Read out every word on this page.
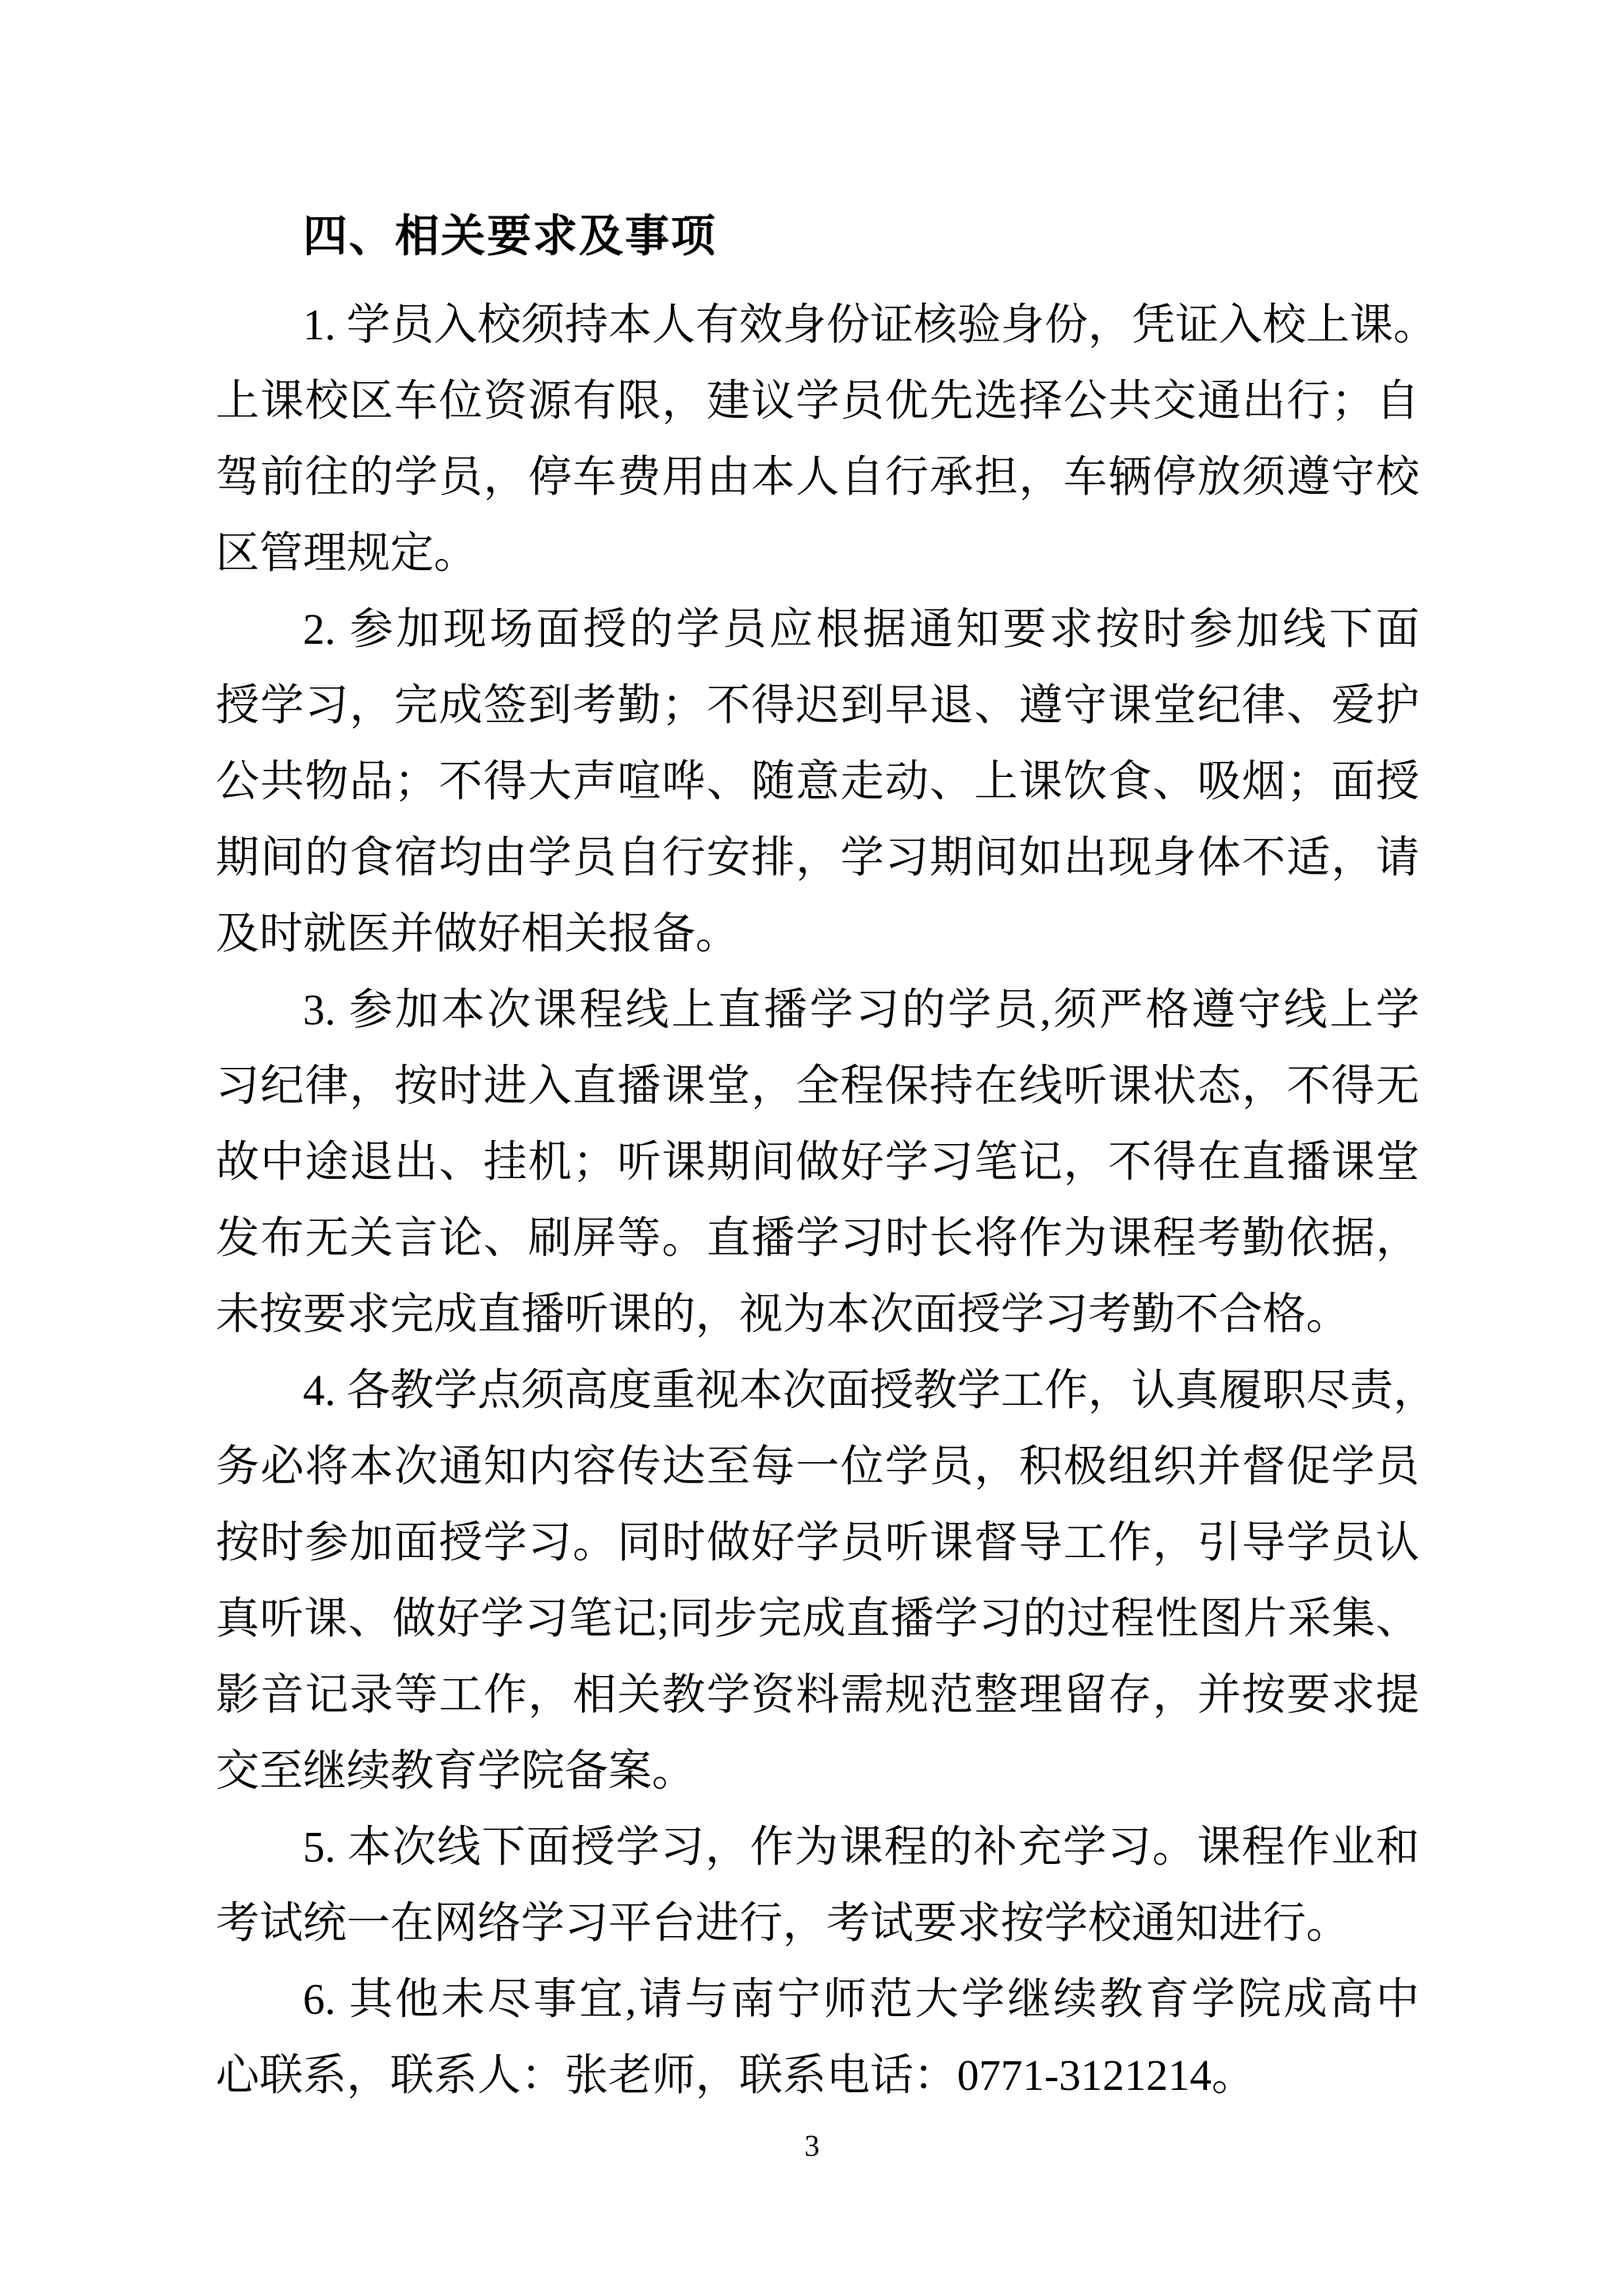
四、相关要求及事项
1. 学员入校须持本人有效身份证核验身份，凭证入校上课。
上课校区车位资源有限，建议学员优先选择公共交通出行；自
驾前往的学员，停车费用由本人自行承担，车辆停放须遵守校
区管理规定。
2. 参加现场面授的学员应根据通知要求按时参加线下面
授学习，完成签到考勤；不得迟到早退、遵守课堂纪律、爱护
公共物品；不得大声喧哗、随意走动、上课饮食、吸烟；面授
期间的食宿均由学员自行安排，学习期间如出现身体不适，请
及时就医并做好相关报备。
3. 参加本次课程线上直播学习的学员,须严格遵守线上学
习纪律，按时进入直播课堂，全程保持在线听课状态，不得无
故中途退出、挂机；听课期间做好学习笔记，不得在直播课堂
发布无关言论、刷屏等。直播学习时长将作为课程考勤依据，
未按要求完成直播听课的，视为本次面授学习考勤不合格。
4. 各教学点须高度重视本次面授教学工作，认真履职尽责，
务必将本次通知内容传达至每一位学员，积极组织并督促学员
按时参加面授学习。同时做好学员听课督导工作，引导学员认
真听课、做好学习笔记;同步完成直播学习的过程性图片采集、
影音记录等工作，相关教学资料需规范整理留存，并按要求提
交至继续教育学院备案。
5. 本次线下面授学习，作为课程的补充学习。课程作业和
考试统一在网络学习平台进行，考试要求按学校通知进行。
6. 其他未尽事宜,请与南宁师范大学继续教育学院成高中
心联系，联系人：张老师，联系电话：0771-3121214。
3
